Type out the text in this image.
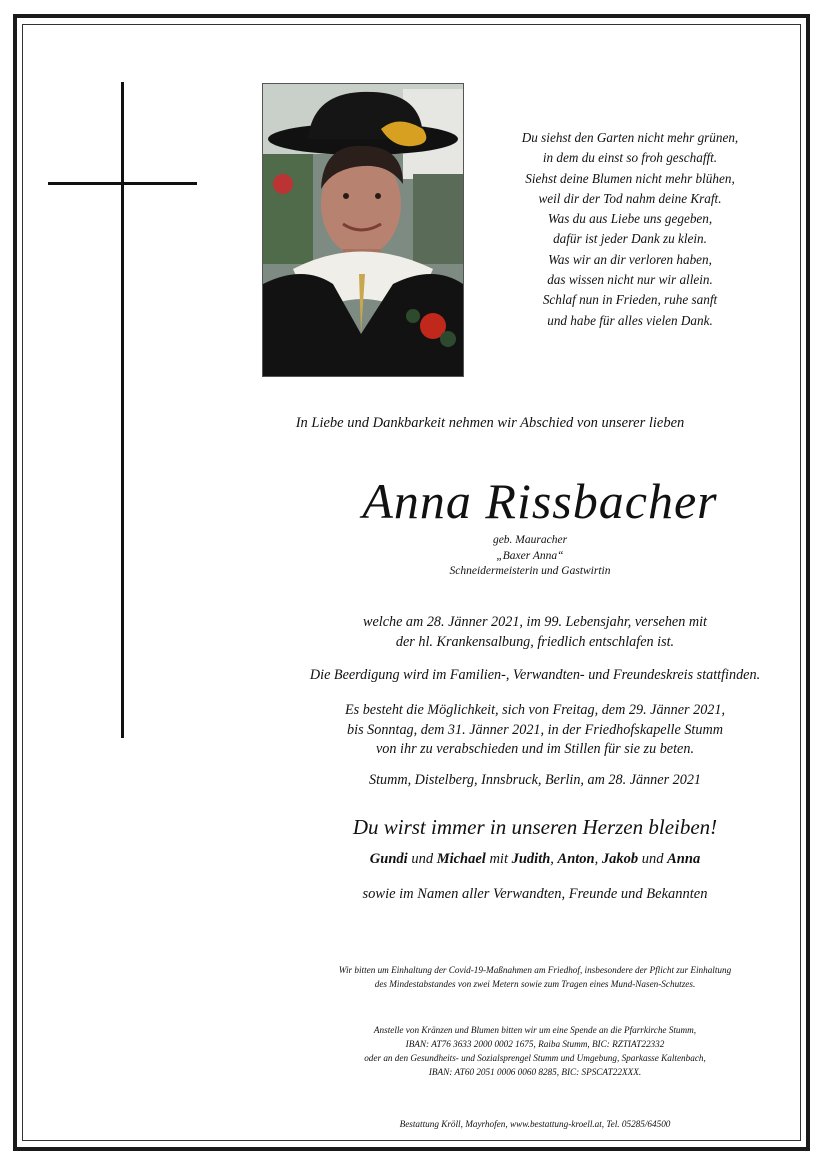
Du siehst den Garten nicht mehr grünen,
in dem du einst so froh geschafft.
Siehst deine Blumen nicht mehr blühen,
weil dir der Tod nahm deine Kraft.
Was du aus Liebe uns gegeben,
dafür ist jeder Dank zu klein.
Was wir an dir verloren haben,
das wissen nicht nur wir allein.
Schlaf nun in Frieden, ruhe sanft
und habe für alles vielen Dank.
In Liebe und Dankbarkeit nehmen wir Abschied von unserer lieben
Anna Rissbacher
geb. Mauracher
„Baxer Anna“
Schneidermeisterin und Gastwirtin
welche am 28. Jänner 2021, im 99. Lebensjahr, versehen mit
der hl. Krankensalbung, friedlich entschlafen ist.
Die Beerdigung wird im Familien-, Verwandten- und Freundeskreis stattfinden.
Es besteht die Möglichkeit, sich von Freitag, dem 29. Jänner 2021,
bis Sonntag, dem 31. Jänner 2021, in der Friedhofskapelle Stumm
von ihr zu verabschieden und im Stillen für sie zu beten.
Stumm, Distelberg, Innsbruck, Berlin, am 28. Jänner 2021
Du wirst immer in unseren Herzen bleiben!
Gundi und Michael mit Judith, Anton, Jakob und Anna
sowie im Namen aller Verwandten, Freunde und Bekannten
Wir bitten um Einhaltung der Covid-19-Maßnahmen am Friedhof, insbesondere der Pflicht zur Einhaltung
des Mindestabstandes von zwei Metern sowie zum Tragen eines Mund-Nasen-Schutzes.
Anstelle von Kränzen und Blumen bitten wir um eine Spende an die Pfarrkirche Stumm,
IBAN: AT76 3633 2000 0002 1675, Raiba Stumm, BIC: RZTIAT22332
oder an den Gesundheits- und Sozialsprengel Stumm und Umgebung, Sparkasse Kaltenbach,
IBAN: AT60 2051 0006 0060 8285, BIC: SPSCAT22XXX.
Bestattung Kröll, Mayrhofen, www.bestattung-kroell.at, Tel. 05285/64500
